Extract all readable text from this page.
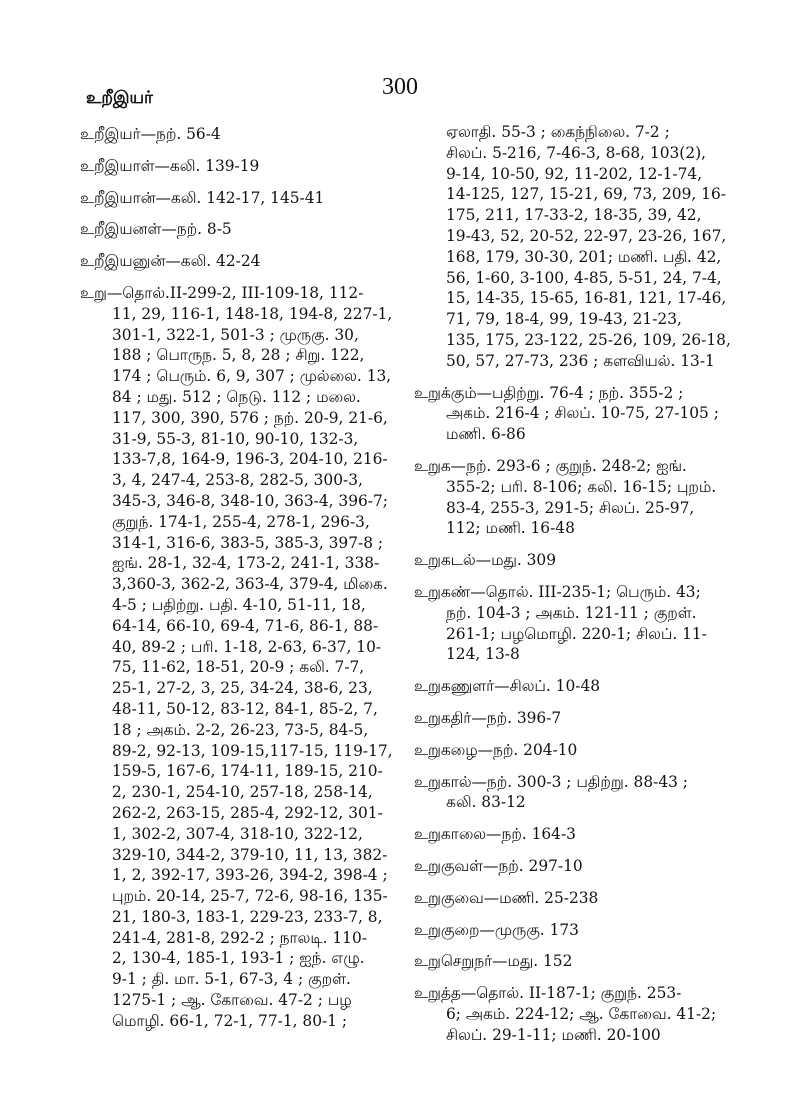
300
உறீஇயர்
உறீஇயர்—நற். 56-4
உறீஇயாள்—கலி. 139-19
உறீஇயான்—கலி. 142-17, 145-41
உறீஇயனள்—நற். 8-5
உறீஇயனுன்—கலி. 42-24
உறு—தொல்.II-299-2, III-109-18, 112-
11, 29, 116-1, 148-18, 194-8, 227-1,
301-1, 322-1, 501-3 ; முருகு. 30,
188 ; பொருந. 5, 8, 28 ; சிறு. 122,
174 ; பெரும். 6, 9, 307 ; முல்லை. 13,
84 ; மது. 512 ; நெடு. 112 ; மலை.
117, 300, 390, 576 ; நற். 20-9, 21-6,
31-9, 55-3, 81-10, 90-10, 132-3,
133-7,8, 164-9, 196-3, 204-10, 216-
3, 4, 247-4, 253-8, 282-5, 300-3,
345-3, 346-8, 348-10, 363-4, 396-7;
குறுந். 174-1, 255-4, 278-1, 296-3,
314-1, 316-6, 383-5, 385-3, 397-8 ;
ஐங். 28-1, 32-4, 173-2, 241-1, 338-
3,360-3, 362-2, 363-4, 379-4, மிகை.
4-5 ; பதிற்று. பதி. 4-10, 51-11, 18,
64-14, 66-10, 69-4, 71-6, 86-1, 88-
40, 89-2 ; பரி. 1-18, 2-63, 6-37, 10-
75, 11-62, 18-51, 20-9 ; கலி. 7-7,
25-1, 27-2, 3, 25, 34-24, 38-6, 23,
48-11, 50-12, 83-12, 84-1, 85-2, 7,
18 ; அகம். 2-2, 26-23, 73-5, 84-5,
89-2, 92-13, 109-15,117-15, 119-17,
159-5, 167-6, 174-11, 189-15, 210-
2, 230-1, 254-10, 257-18, 258-14,
262-2, 263-15, 285-4, 292-12, 301-
1, 302-2, 307-4, 318-10, 322-12,
329-10, 344-2, 379-10, 11, 13, 382-
1, 2, 392-17, 393-26, 394-2, 398-4 ;
புறம். 20-14, 25-7, 72-6, 98-16, 135-
21, 180-3, 183-1, 229-23, 233-7, 8,
241-4, 281-8, 292-2 ; நாலடி. 110-
2, 130-4, 185-1, 193-1 ; ஐந். எழு.
9-1 ; தி. மா. 5-1, 67-3, 4 ; குறள்.
1275-1 ; ஆ. கோவை. 47-2 ; பழ
மொழி. 66-1, 72-1, 77-1, 80-1 ;
ஏலாதி. 55-3 ; கைந்நிலை. 7-2 ;
சிலப். 5-216, 7-46-3, 8-68, 103(2),
9-14, 10-50, 92, 11-202, 12-1-74,
14-125, 127, 15-21, 69, 73, 209, 16-
175, 211, 17-33-2, 18-35, 39, 42,
19-43, 52, 20-52, 22-97, 23-26, 167,
168, 179, 30-30, 201; மணி. பதி. 42,
56, 1-60, 3-100, 4-85, 5-51, 24, 7-4,
15, 14-35, 15-65, 16-81, 121, 17-46,
71, 79, 18-4, 99, 19-43, 21-23,
135, 175, 23-122, 25-26, 109, 26-18,
50, 57, 27-73, 236 ; களவியல். 13-1
உறுக்கும்—பதிற்று. 76-4 ; நற். 355-2 ;
அகம். 216-4 ; சிலப். 10-75, 27-105 ;
மணி. 6-86
உறுக—நற். 293-6 ; குறுந். 248-2; ஐங்.
355-2; பரி. 8-106; கலி. 16-15; புறம்.
83-4, 255-3, 291-5; சிலப். 25-97,
112; மணி. 16-48
உறுகடல்—மது. 309
உறுகண்—தொல். III-235-1; பெரும். 43;
நற். 104-3 ; அகம். 121-11 ; குறள்.
261-1; பழமொழி. 220-1; சிலப். 11-
124, 13-8
உறுகணுளர்—சிலப். 10-48
உறுகதிர்—நற். 396-7
உறுகழை—நற். 204-10
உறுகால்—நற். 300-3 ; பதிற்று. 88-43 ;
கலி. 83-12
உறுகாலை—நற். 164-3
உறுகுவள்—நற். 297-10
உறுகுவை—மணி. 25-238
உறுகுறை—முருகு. 173
உறுசெறுநர்—மது. 152
உறுத்த—தொல். II-187-1; குறுந். 253-
6; அகம். 224-12; ஆ. கோவை. 41-2;
சிலப். 29-1-11; மணி. 20-100
